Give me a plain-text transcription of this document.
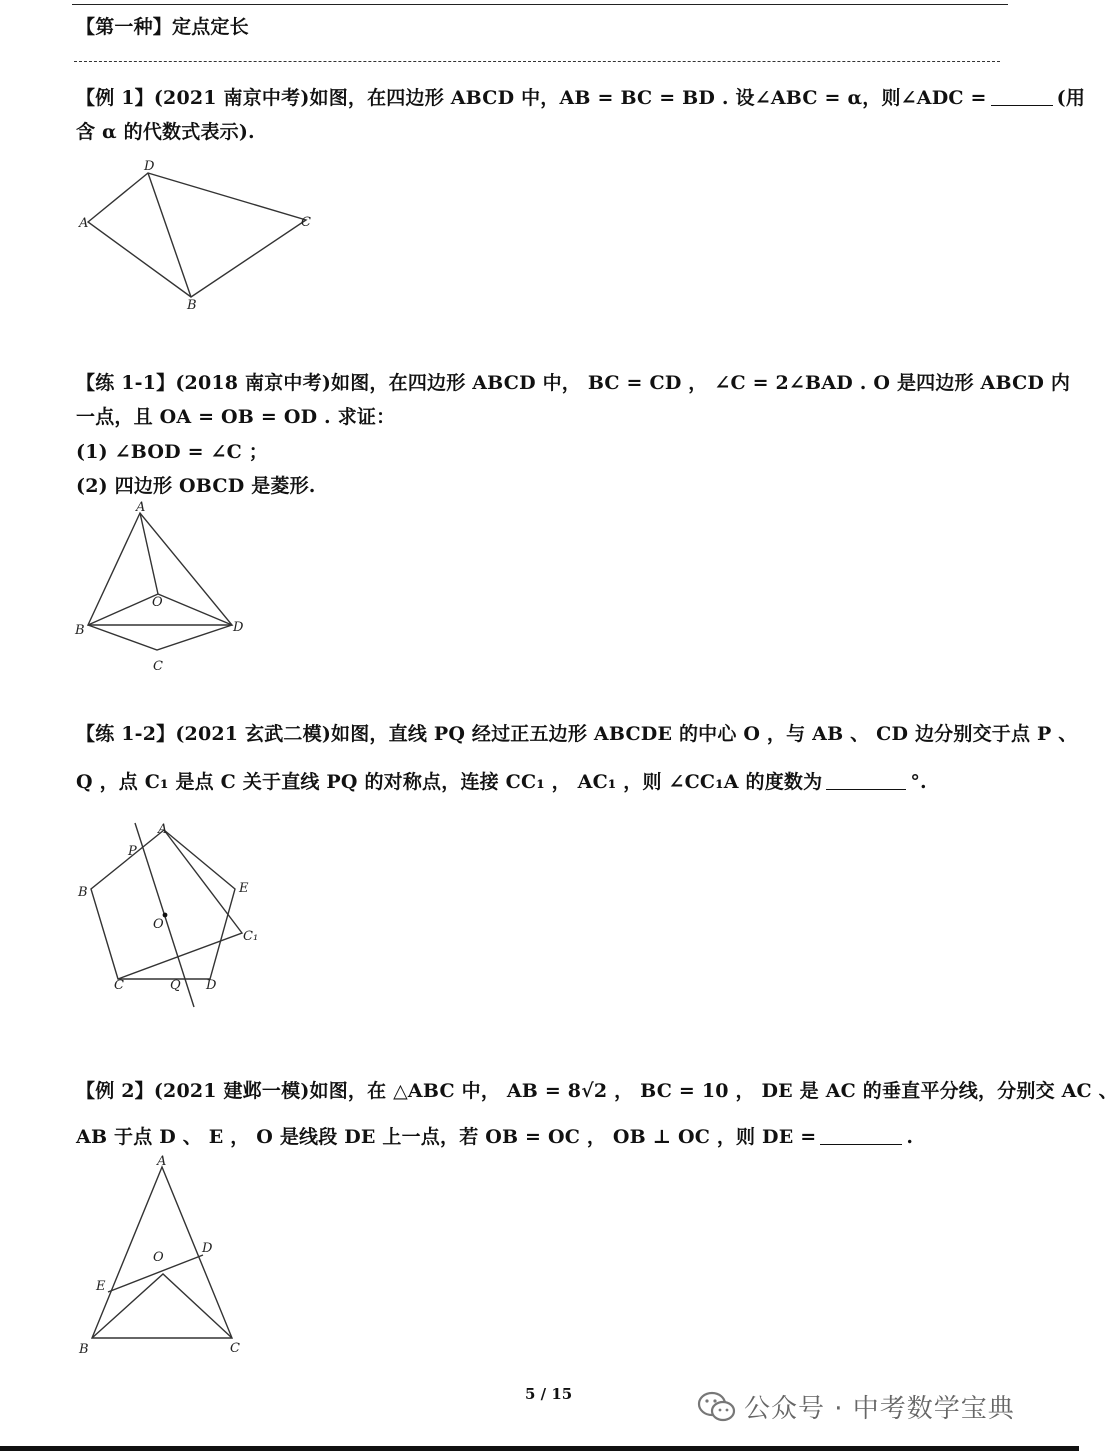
【第一种】定点定长
【例 1】(2021 南京中考)如图，在四边形 ABCD 中，AB = BC = BD . 设∠ABC = α，则∠ADC =	(用
含 α 的代数式表示).
A
D
C
B
【练 1-1】(2018 南京中考)如图，在四边形 ABCD 中， BC = CD ， ∠C = 2∠BAD . O 是四边形 ABCD 内
一点，且 OA = OB = OD . 求证：
(1) ∠BOD = ∠C ；
(2) 四边形 OBCD 是菱形.
A
B	D
C
O
【练 1-2】(2021 玄武二模)如图，直线 PQ 经过正五边形 ABCDE 的中心 O ，与 AB 、 CD 边分别交于点 P 、
Q ，点 C₁ 是点 C 关于直线 PQ 的对称点，连接 CC₁ ， AC₁ ，则 ∠CC₁A 的度数为	°.
A
P
B	E
O
C₁
C	Q D
【例 2】(2021 建邺一模)如图，在 △ABC 中， AB = 8√2 ， BC = 10 ， DE 是 AC 的垂直平分线，分别交 AC 、
AB 于点 D 、 E ， O 是线段 DE 上一点，若 OB = OC ， OB ⊥ OC ，则 DE =	.
A
D
O
E
B	C
5 / 15	公众号 · 中考数学宝典
